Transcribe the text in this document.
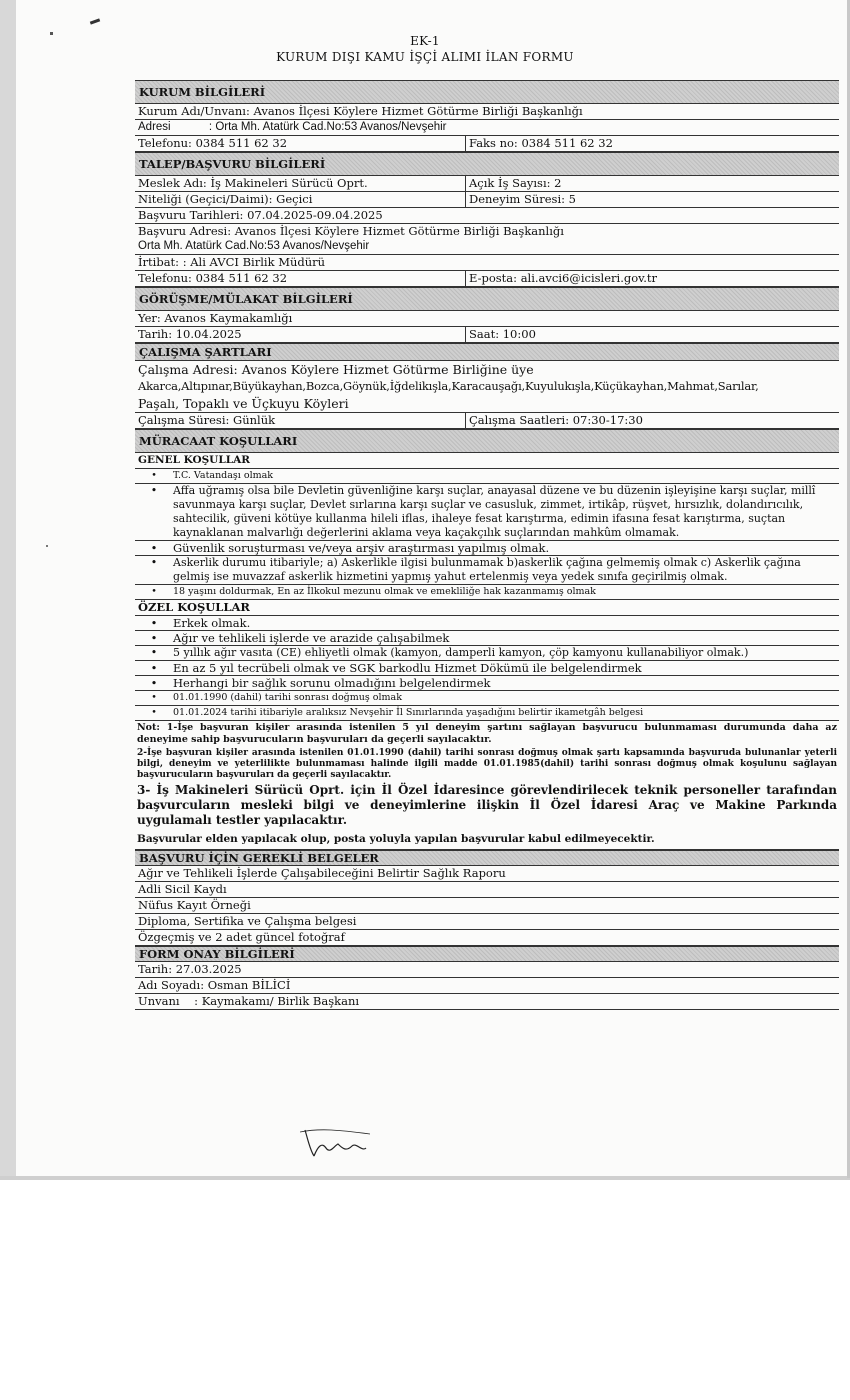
EK-1
KURUM DIŞI KAMU İŞÇİ ALIMI İLAN FORMU
KURUM BİLGİLERİ
Kurum Adı/Unvanı: Avanos İlçesi Köylere Hizmet Götürme Birliği Başkanlığı
Adresi            : Orta Mh. Atatürk Cad.No:53 Avanos/Nevşehir
Telefonu: 0384 511 62 32	Faks no: 0384 511 62 32
TALEP/BAŞVURU BİLGİLERİ
Meslek Adı: İş Makineleri Sürücü Oprt.	Açık İş Sayısı: 2
Niteliği (Geçici/Daimi): Geçici	Deneyim Süresi: 5
Başvuru Tarihleri: 07.04.2025-09.04.2025
Başvuru Adresi: Avanos İlçesi Köylere Hizmet Götürme Birliği Başkanlığı
Orta Mh. Atatürk Cad.No:53 Avanos/Nevşehir
İrtibat: : Ali AVCI Birlik Müdürü
Telefonu: 0384 511 62 32	E-posta: ali.avci6@icisleri.gov.tr
GÖRÜŞME/MÜLAKAT BİLGİLERİ
Yer: Avanos Kaymakamlığı
Tarih: 10.04.2025	Saat: 10:00
ÇALIŞMA ŞARTLARI
Çalışma Adresi: Avanos Köylere Hizmet Götürme Birliğine üye
Akarca,Altıpınar,Büyükayhan,Bozca,Göynük,İğdelikışla,Karacauşağı,Kuyulukışla,Küçükayhan,Mahmat,Sarılar,
Paşalı, Topaklı ve Üçkuyu Köyleri
Çalışma Süresi: Günlük	Çalışma Saatleri: 07:30-17:30
MÜRACAAT KOŞULLARI
GENEL KOŞULLAR
•	T.C. Vatandaşı olmak
•	Affa uğramış olsa bile Devletin güvenliğine karşı suçlar, anayasal düzene ve bu düzenin işleyişine karşı suçlar, millî savunmaya karşı suçlar, Devlet sırlarına karşı suçlar ve casusluk, zimmet, irtikâp, rüşvet, hırsızlık, dolandırıcılık, sahtecilik, güveni kötüye kullanma hileli iflas, ihaleye fesat karıştırma, edimin ifasına fesat karıştırma, suçtan kaynaklanan malvarlığı değerlerini aklama veya kaçakçılık suçlarından mahkûm olmamak.
•	Güvenlik soruşturması ve/veya arşiv araştırması yapılmış olmak.
•	Askerlik durumu itibariyle; a) Askerlikle ilgisi bulunmamak b)askerlik çağına gelmemiş olmak c) Askerlik çağına gelmiş ise muvazzaf askerlik hizmetini yapmış yahut ertelenmiş veya yedek sınıfa geçirilmiş olmak.
•	18 yaşını doldurmak, En az İlkokul mezunu olmak ve emekliliğe hak kazanmamış olmak
ÖZEL KOŞULLAR
•	Erkek olmak.
•	Ağır ve tehlikeli işlerde ve arazide çalışabilmek
•	5 yıllık ağır vasıta (CE) ehliyetli olmak (kamyon, damperli kamyon, çöp kamyonu kullanabiliyor olmak.)
•	En az 5 yıl tecrübeli olmak ve SGK barkodlu Hizmet Dökümü ile belgelendirmek
•	Herhangi bir sağlık sorunu olmadığını belgelendirmek
•	01.01.1990 (dahil) tarihi sonrası doğmuş olmak
•	01.01.2024 tarihi itibariyle aralıksız Nevşehir İl Sınırlarında yaşadığını belirtir ikametgâh belgesi
Not: 1-İşe başvuran kişiler arasında istenilen 5 yıl deneyim şartını sağlayan başvurucu bulunmaması durumunda daha az deneyime sahip başvurucuların başvuruları da geçerli sayılacaktır.
2-İşe başvuran kişiler arasında istenilen 01.01.1990 (dahil) tarihi sonrası doğmuş olmak şartı kapsamında başvuruda bulunanlar yeterli bilgi, deneyim ve yeterlilikte bulunmaması halinde ilgili madde 01.01.1985(dahil) tarihi sonrası doğmuş olmak koşulunu sağlayan başvurucuların başvuruları da geçerli sayılacaktır.
3- İş Makineleri Sürücü Oprt. için İl Özel İdaresince görevlendirilecek teknik personeller tarafından başvurcuların mesleki bilgi ve deneyimlerine ilişkin İl Özel İdaresi Araç ve Makine Parkında uygulamalı testler yapılacaktır.
Başvurular elden yapılacak olup, posta yoluyla yapılan başvurular kabul edilmeyecektir.
BAŞVURU İÇİN GEREKLİ BELGELER
Ağır ve Tehlikeli İşlerde Çalışabileceğini Belirtir Sağlık Raporu
Adli Sicil Kaydı
Nüfus Kayıt Örneği
Diploma, Sertifika ve Çalışma belgesi
Özgeçmiş ve 2 adet güncel fotoğraf
FORM ONAY BİLGİLERİ
Tarih: 27.03.2025
Adı Soyadı: Osman BİLİCİ
Unvanı    : Kaymakamı/ Birlik Başkanı
